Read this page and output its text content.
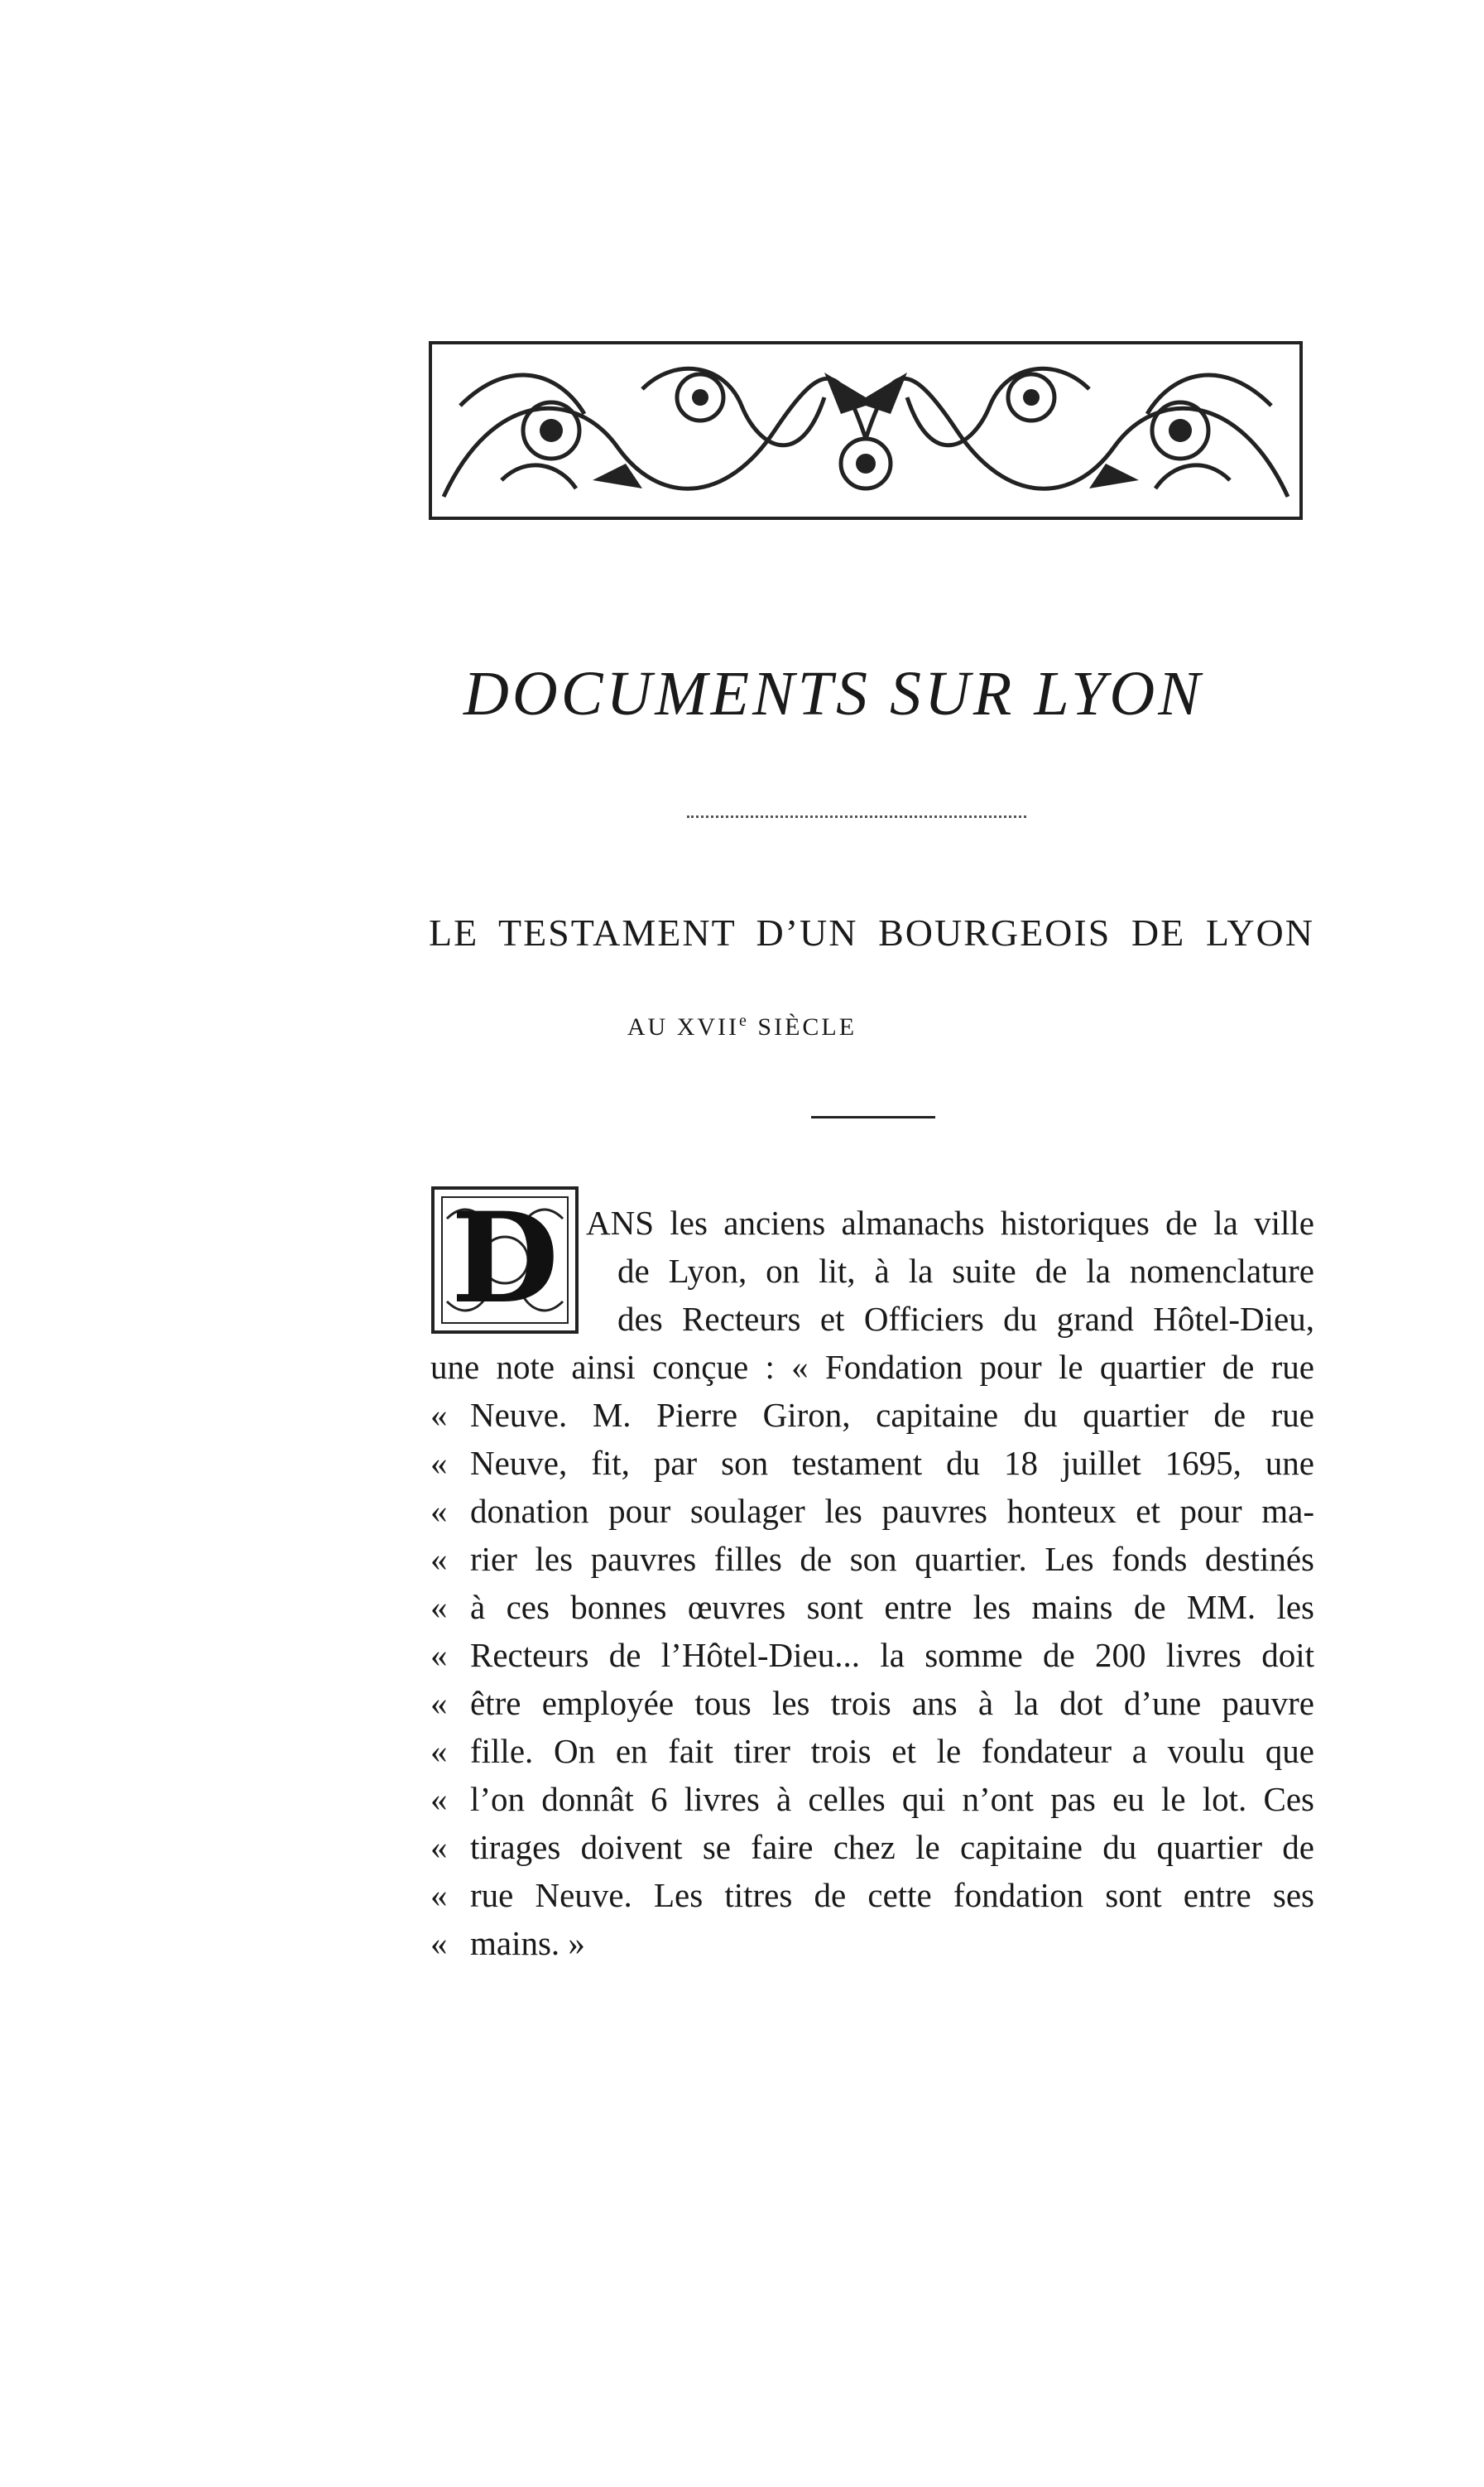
DOCUMENTS SUR LYON
LE TESTAMENT D’UN BOURGEOIS DE LYON
AU XVIIe SIÈCLE
D ANS les anciens almanachs historiques de la ville
de Lyon, on lit, à la suite de la nomenclature
des Recteurs et Officiers du grand Hôtel-Dieu,
une note ainsi conçue : « Fondation pour le quartier de rue
« Neuve. M. Pierre Giron, capitaine du quartier de rue
« Neuve, fit, par son testament du 18 juillet 1695, une
« donation pour soulager les pauvres honteux et pour ma-
« rier les pauvres filles de son quartier. Les fonds destinés
« à ces bonnes œuvres sont entre les mains de MM. les
« Recteurs de l’Hôtel-Dieu... la somme de 200 livres doit
« être employée tous les trois ans à la dot d’une pauvre
« fille. On en fait tirer trois et le fondateur a voulu que
« l’on donnât 6 livres à celles qui n’ont pas eu le lot. Ces
« tirages doivent se faire chez le capitaine du quartier de
« rue Neuve. Les titres de cette fondation sont entre ses
« mains. »
